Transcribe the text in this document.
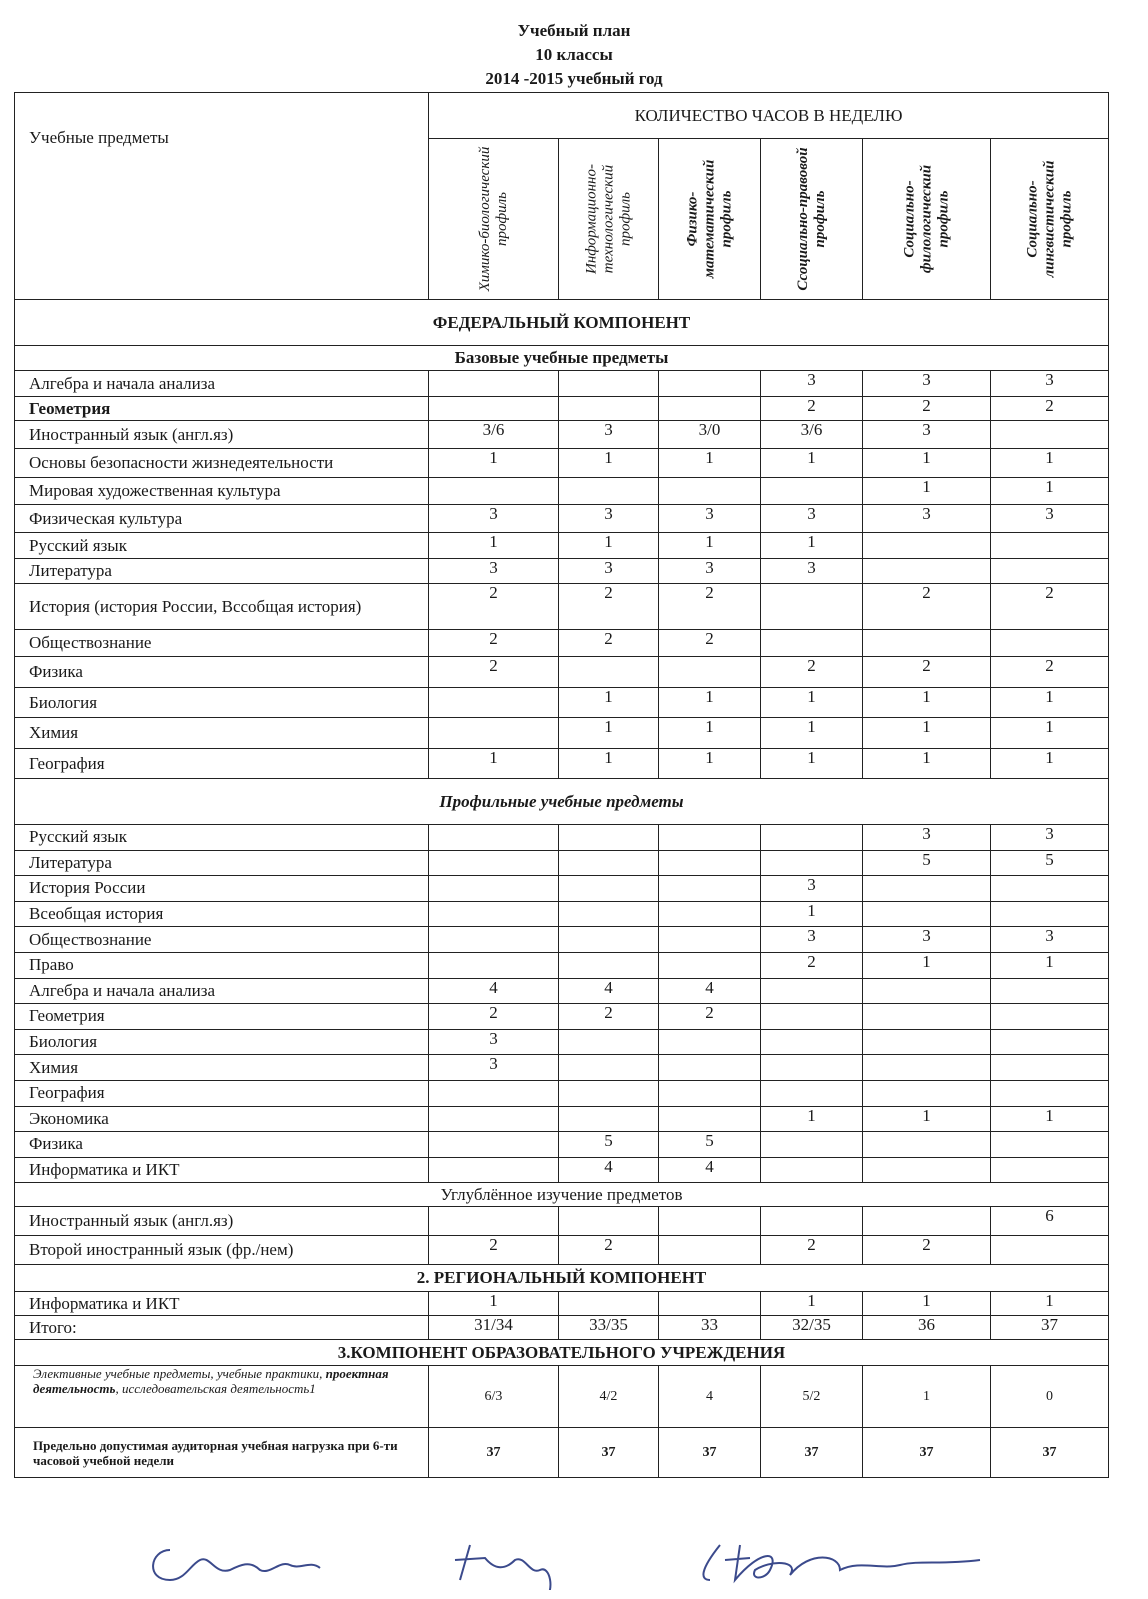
Учебный план
10 классы
2014 -2015 учебный год
Учебные предметы	КОЛИЧЕСТВО ЧАСОВ В НЕДЕЛЮ					

	Химико-биологический профиль	Информационно-технологический профиль	Физико-математический профиль	Ссоциально-правовой профиль	Социально-филологический профиль	Социально-лингвистический профиль

ФЕДЕРАЛЬНЫЙ КОМПОНЕНТ						
Базовые учебные предметы						
Алгебра и начала анализа				3	3	3
Геометрия				2	2	2
Иностранный язык (англ.яз)	3/6	3	3/0	3/6	3	
Основы безопасности жизнедеятельности	1	1	1	1	1	1
Мировая художественная культура					1	1
Физическая культура	3	3	3	3	3	3
Русский язык	1	1	1	1		
Литература	3	3	3	3		
История (история России, Вссобщая история)	2	2	2		2	2
Обществознание	2	2	2			
Физика	2			2	2	2
Биология		1	1	1	1	1
Химия		1	1	1	1	1
География	1	1	1	1	1	1
Профильные учебные предметы						
Русский язык					3	3
Литература					5	5
История России				3		
Всеобщая история				1		
Обществознание				3	3	3
Право				2	1	1
Алгебра и начала анализа	4	4	4			
Геометрия	2	2	2			
Биология	3					
Химия	3					
География						
Экономика				1	1	1
Физика		5	5			
Информатика и ИКТ		4	4			
Углублённое изучение предметов						
Иностранный язык (англ.яз)						6
Второй иностранный язык (фр./нем)	2	2		2	2	
2. РЕГИОНАЛЬНЫЙ КОМПОНЕНТ						
Информатика и ИКТ	1			1	1	1
Итого:	31/34	33/35	33	32/35	36	37
3.КОМПОНЕНТ ОБРАЗОВАТЕЛЬНОГО УЧРЕЖДЕНИЯ						
Элективные учебные предметы, учебные практики, проектная деятельность, исследовательская деятельность1	6/3	4/2	4	5/2	1	0
Предельно допустимая аудиторная учебная нагрузка при 6-ти часовой учебной недели	37	37	37	37	37	37
